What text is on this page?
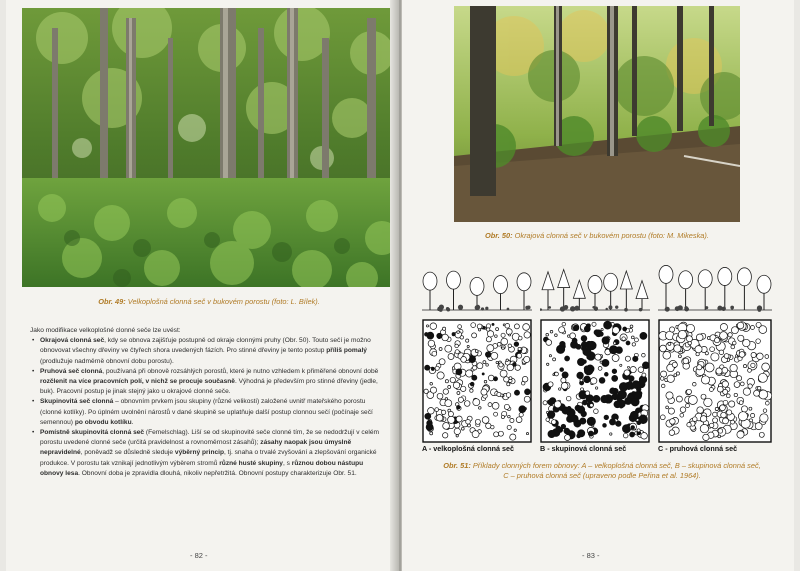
Obr. 49: Velkoplošná clonná seč v bukovém porostu (foto: L. Bílek).

Jako modifikace velkoplošné clonné seče lze uvést:

• Okrajová clonná seč, kdy se obnova zajišťuje postupně od okraje clonnými pruhy (Obr. 50). Touto sečí je možno obnovovat všechny dřeviny ve čtyřech shora uvedených fázích. Pro stinné dřeviny je tento postup příliš pomalý (prodlužuje nadměrně obnovní dobu porostu).
• Pruhová seč clonná, používaná při obnově rozsáhlých porostů, které je nutno vzhledem k přiměřené obnovní době rozčlenit na více pracovních polí, v nichž se procuje současně. Výhodná je především pro stinné dřeviny (jedle, buk). Pracovní postup je jinak stejný jako u okrajové clonné seče.
• Skupinovitá seč clonná – obnovním prvkem jsou skupiny (různé velikosti) založené uvnitř mateřského porostu (clonné kotlíky). Po úplném uvolnění nárostů v dané skupině se uplatňuje další postup clonnou sečí (počínaje sečí semennou) po obvodu kotlíku.
• Pomístně skupinovitá clonná seč (Femelschlag). Liší se od skupinovité seče clonné tím, že se nedodržují v celém porostu uvedené clonné seče (určitá pravidelnost a rovnoměrnost zásahů); zásahy naopak jsou úmyslně nepravidelné, poněvadž se důsledně sleduje výběrný princip, tj. snaha o trvalé zvyšování a zlepšování organické produkce. V porostu tak vznikají jednotlivým výběrem stromů různé husté skupiny, s různou dobou nástupu obnovy lesa. Obnovní doba je zpravidla dlouhá, nikoliv nepřetržitá. Obnovní postupy charakterizuje Obr. 51.
- 82 -
Obr. 50: Okrajová clonná seč v bukovém porostu (foto: M. Mikeska).
A - velkoplošná clonná seč	B - skupinová clonná seč	C - pruhová clonná seč
Obr. 51: Příklady clonných forem obnovy: A – velkoplošná clonná seč, B – skupinová clonná seč, C – pruhová clonná seč (upraveno podle Peřina et al. 1964).
- 83 -
